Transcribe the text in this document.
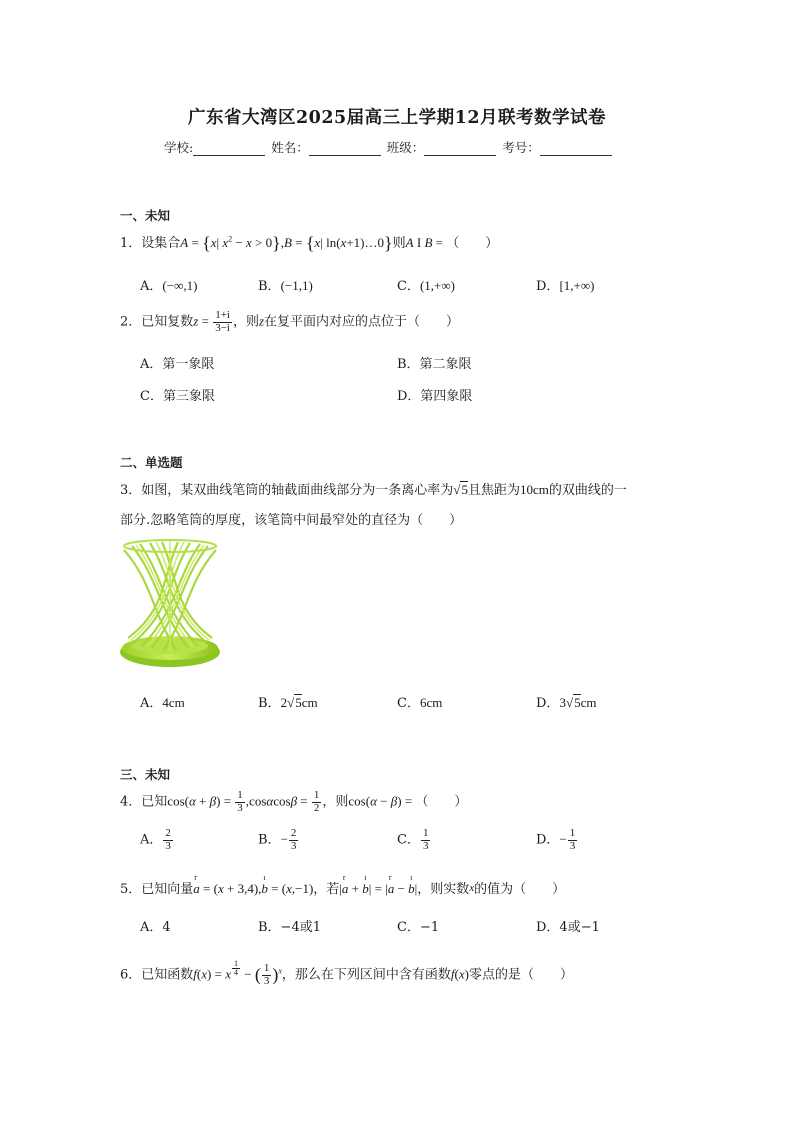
广东省大湾区2025届高三上学期12月联考数学试卷
学校:	姓名：	班级：	考号：
一、未知
1．设集合A = {x| $x^2 - x > 0\},B = \{x|$ ln(x+1)…0}则A I B = （　　）
A．(−∞,1)	B．(−1,1)	C．(1,+∞)	D．[1,+∞)
2．已知复数$z = \frac{1+i}{3-i}$ ，则z在复平面内对应的点位于（　　）
A．第一象限	B．第二象限
C．第三象限	D．第四象限
二、单选题
3．如图，某双曲线笔筒的轴截面曲线部分为一条离心率为√5且焦距为10cm的双曲线的一
部分.忽略笔筒的厚度，该笔筒中间最窄处的直径为（　　）
A．4cm	B．2√5cm	C．6cm	D．3√5cm
三、未知
4．已知$\cos(\alpha + \beta) = \frac{1}{3} ,\cos\alpha\cos\beta = \frac{1}{2}$ ，则cos(α − β) = （　　）
A． $\frac{2}{3}$	B．− $\frac{2}{3}$	C． $\frac{1}{3}$	D．− $\frac{1}{3}$
5．已知向量r a = (x + 3,4),ı b = (x,−1)，若|r a + ı b| = |r a − ı b|，则实数x的值为（　　）
A．4	B．−4或1	C．−1	D．4或−1
6．已知函数f(x) = x $^{\frac{1}{4}}$ − ( $\frac{1}{3} )^x$，那么在下列区间中含有函数f(x)零点的是（　　）
